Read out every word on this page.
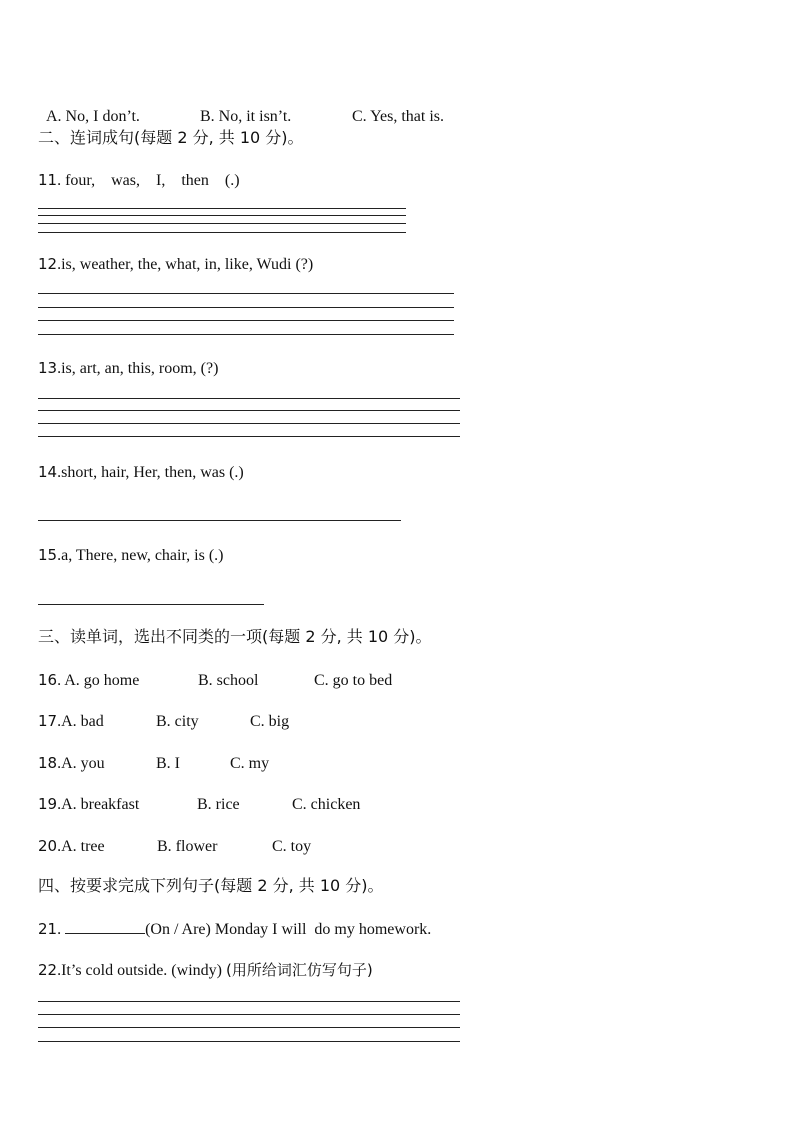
A. No, I don’t.	B. No, it isn’t.	C. Yes, that is.

二、连词成句(每题 2 分, 共 10 分)。
11. four,    was,    I,    then    (.)
12.is, weather, the, what, in, like, Wudi (?)
13.is, art, an, this, room, (?)
14.short, hair, Her, then, was (.)
15.a, There, new, chair, is (.)
三、读单词，选出不同类的一项(每题 2 分, 共 10 分)。
16. A. go home	B. school	C. go to bed
17.A. bad	B. city	C. big
18.A. you	B. I	C. my
19.A. breakfast	B. rice	C. chicken
20.A. tree	B. flower	C. toy
四、按要求完成下列句子(每题 2 分, 共 10 分)。
21.	(On / Are) Monday I will  do my homework.
22.It’s cold outside. (windy) (用所给词汇仿写句子)
